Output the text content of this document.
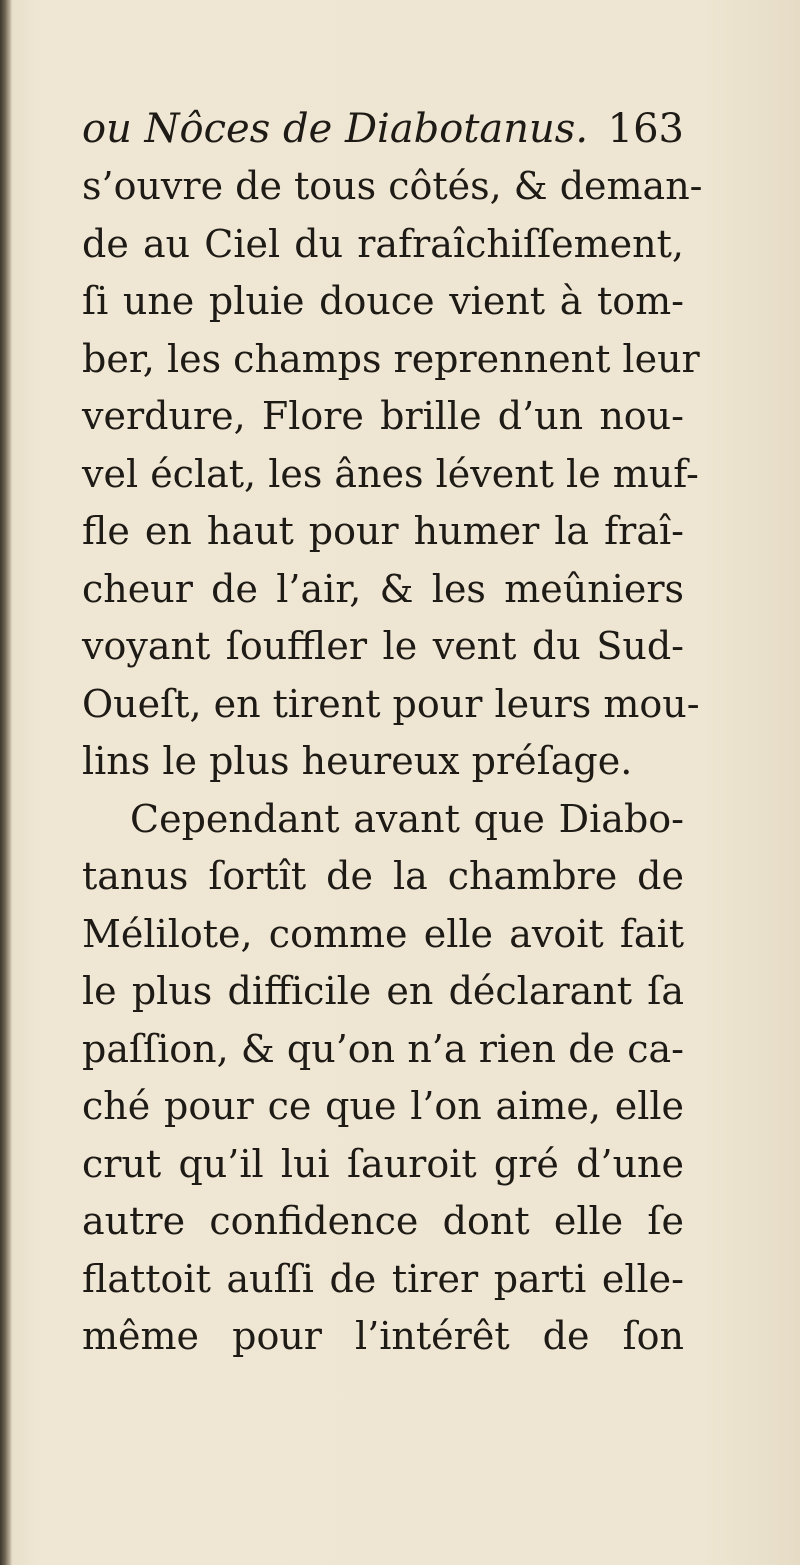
ou Nôces de Diabotanus. 163
s’ouvre de tous côtés, & deman-
de au Ciel du rafraîchiſſement,
ſi une pluie douce vient à tom-
ber, les champs reprennent leur
verdure, Flore brille d’un nou-
vel éclat, les ânes lévent le muf-
fle en haut pour humer la fraî-
cheur de l’air, & les meûniers
voyant ſouffler le vent du Sud-
Oueſt, en tirent pour leurs mou-
lins le plus heureux préſage.
Cependant avant que Diabo-
tanus ſortît de la chambre de
Mélilote, comme elle avoit fait
le plus difficile en déclarant ſa
paſſion, & qu’on n’a rien de ca-
ché pour ce que l’on aime, elle
crut qu’il lui ſauroit gré d’une
autre confidence dont elle ſe
flattoit auſſi de tirer parti elle-
même pour l’intérêt de ſon
